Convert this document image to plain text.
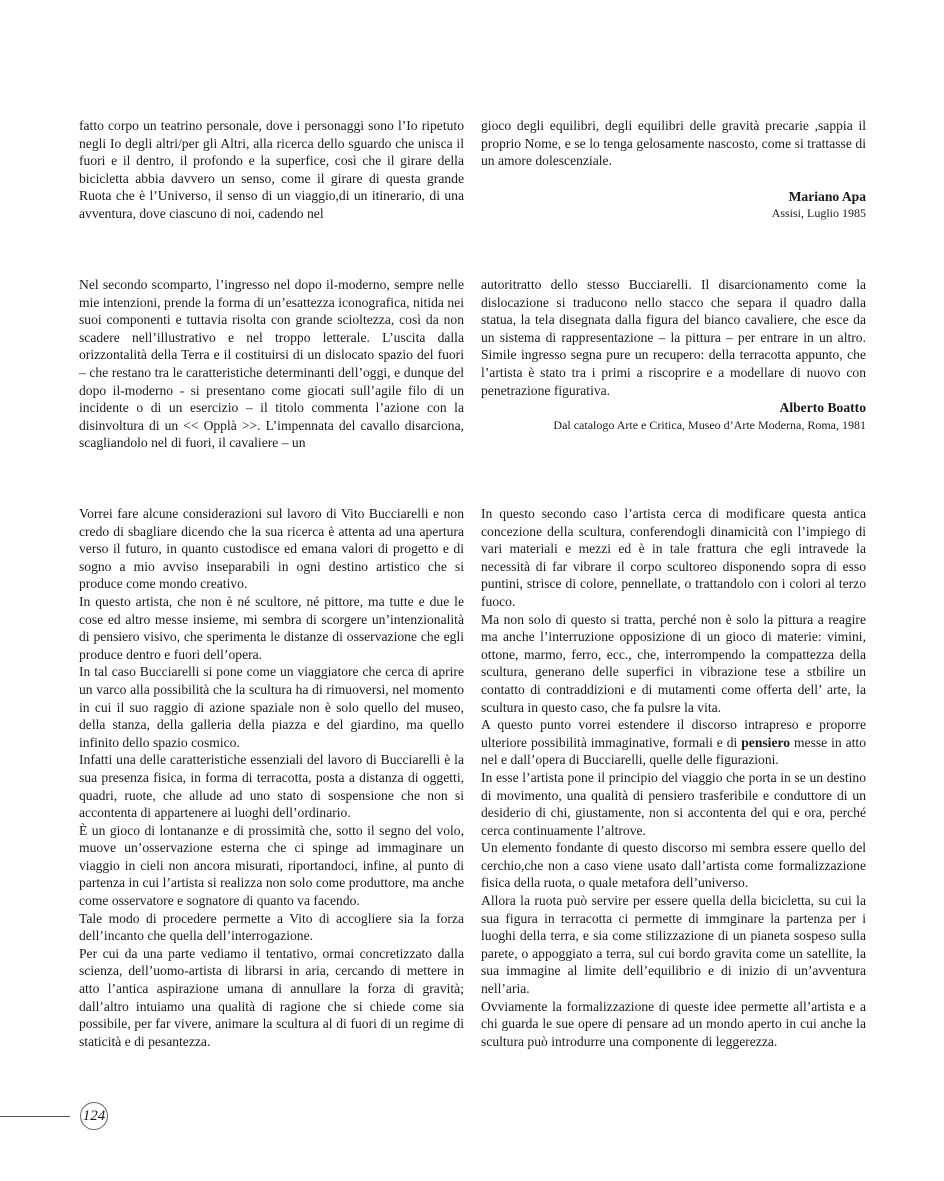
fatto corpo un teatrino personale, dove i personaggi sono l’Io ripetuto negli Io degli altri/per gli Altri, alla ricerca dello sguardo che unisca il fuori e il dentro, il profondo e la superfice, così che il girare della bicicletta abbia davvero un senso, come il girare di questa grande Ruota che è l’Universo, il senso di un viaggio,di un itinerario, di una avventura, dove ciascuno di noi, cadendo nel

gioco degli equilibri, degli equilibri delle gravità precarie ,sappia il proprio Nome, e se lo tenga gelosamente nascosto, come si trattasse di un amore dolescenziale.

Mariano Apa
Assisi, Luglio 1985

Nel secondo scomparto, l’ingresso nel dopo il-moderno, sempre nelle mie intenzioni, prende la forma di un’esattezza iconografica, nitida nei suoi componenti e tuttavia risolta con grande scioltezza, così da non scadere nell’illustrativo e nel troppo letterale. L’uscita dalla orizzontalità della Terra e il costituirsi di un dislocato spazio del fuori – che restano tra le caratteristiche determinanti dell’oggi, e dunque del dopo il-moderno - si presentano come giocati sull’agile filo di un incidente o di un esercizio – il titolo commenta l’azione con la disinvoltura di un << Opplà >>. L’impennata del cavallo disarciona, scagliandolo nel di fuori, il cavaliere – un

autoritratto dello stesso Bucciarelli. Il disarcionamento come la dislocazione si traducono nello stacco che separa il quadro dalla statua, la tela disegnata dalla figura del bianco cavaliere, che esce da un sistema di rappresentazione – la pittura – per entrare in un altro. Simile ingresso segna pure un recupero: della terracotta appunto, che l’artista è stato tra i primi a riscoprire e a modellare di nuovo con penetrazione figurativa.

Alberto Boatto
Dal catalogo Arte e Critica, Museo d’Arte Moderna, Roma, 1981

Vorrei fare alcune considerazioni sul lavoro di Vito Bucciarelli e non credo di sbagliare dicendo che la sua ricerca è attenta ad una apertura verso il futuro, in quanto custodisce ed emana valori di progetto e di sogno a mio avviso inseparabili in ogni destino artistico che si produce come mondo creativo.

In questo artista, che non è né scultore, né pittore, ma tutte e due le cose ed altro messe insieme, mi sembra di scorgere un’intenzionalità di pensiero visivo, che sperimenta le distanze di osservazione che egli produce dentro e fuori dell’opera.

In tal caso Bucciarelli si pone come un viaggiatore che cerca di aprire un varco alla possibilità che la scultura ha di rimuoversi, nel momento in cui il suo raggio di azione spaziale non è solo quello del museo, della stanza, della galleria della piazza e del giardino, ma quello infinito dello spazio cosmico.

Infatti una delle caratteristiche essenziali del lavoro di Bucciarelli è la sua presenza fisica, in forma di terracotta, posta a distanza di oggetti, quadri, ruote, che allude ad uno stato di sospensione che non si accontenta di appartenere ai luoghi dell’ordinario.

È un gioco di lontananze e di prossimità che, sotto il segno del volo, muove un’osservazione esterna che ci spinge ad immaginare un viaggio in cieli non ancora misurati, riportandoci, infine, al punto di partenza in cui l’artista si realizza non solo come produttore, ma anche come osservatore e sognatore di quanto va facendo.

Tale modo di procedere permette a Vito di accogliere sia la forza dell’incanto che quella dell’interrogazione.

Per cui da una parte vediamo il tentativo, ormai concretizzato dalla scienza, dell’uomo-artista di librarsi in aria, cercando di mettere in atto l’antica aspirazione umana di annullare la forza di gravità; dall’altro intuiamo una qualità di ragione che si chiede come sia possibile, per far vivere, animare la scultura al di fuori di un regime di staticità e di pesantezza.

In questo secondo caso l’artista cerca di modificare questa antica concezione della scultura, conferendogli dinamicità con l’impiego di vari materiali e mezzi ed è in tale frattura che egli intravede la necessità di far vibrare il corpo scultoreo disponendo sopra di esso puntini, strisce di colore, pennellate, o trattandolo con i colori al terzo fuoco.

Ma non solo di questo si tratta, perché non è solo la pittura a reagire ma anche l’interruzione opposizione di un gioco di materie: vimini, ottone, marmo, ferro, ecc., che, interrompendo la compattezza della scultura, generano delle superfici in vibrazione tese a stbilire un contatto di contraddizioni e di mutamenti come offerta dell’ arte, la scultura in questo caso, che fa pulsre la vita.

A questo punto vorrei estendere il discorso intrapreso e proporre ulteriore possibilità immaginative, formali e di pensiero messe in atto nel e dall’opera di Bucciarelli, quelle delle figurazioni.

In esse l’artista pone il principio del viaggio che porta in se un destino di movimento, una qualità di pensiero trasferibile e conduttore di un desiderio di chi, giustamente, non si accontenta del qui e ora, perché cerca continuamente l’altrove.

Un elemento fondante di questo discorso mi sembra essere quello del cerchio,che non a caso viene usato dall’artista come formalizzazione fisica della ruota, o quale metafora dell’universo.

Allora la ruota può servire per essere quella della bicicletta, su cui la sua figura in terracotta ci permette di immginare la partenza per i luoghi della terra, e sia come stilizzazione di un pianeta sospeso sulla parete, o appoggiato a terra, sul cui bordo gravita come un satellite, la sua immagine al limite dell’equilibrio e di inizio di un’avventura nell’aria.

Ovviamente la formalizzazione di queste idee permette all’artista e a chi guarda le sue opere di pensare ad un mondo aperto in cui anche la scultura può introdurre una componente di leggerezza.

124
